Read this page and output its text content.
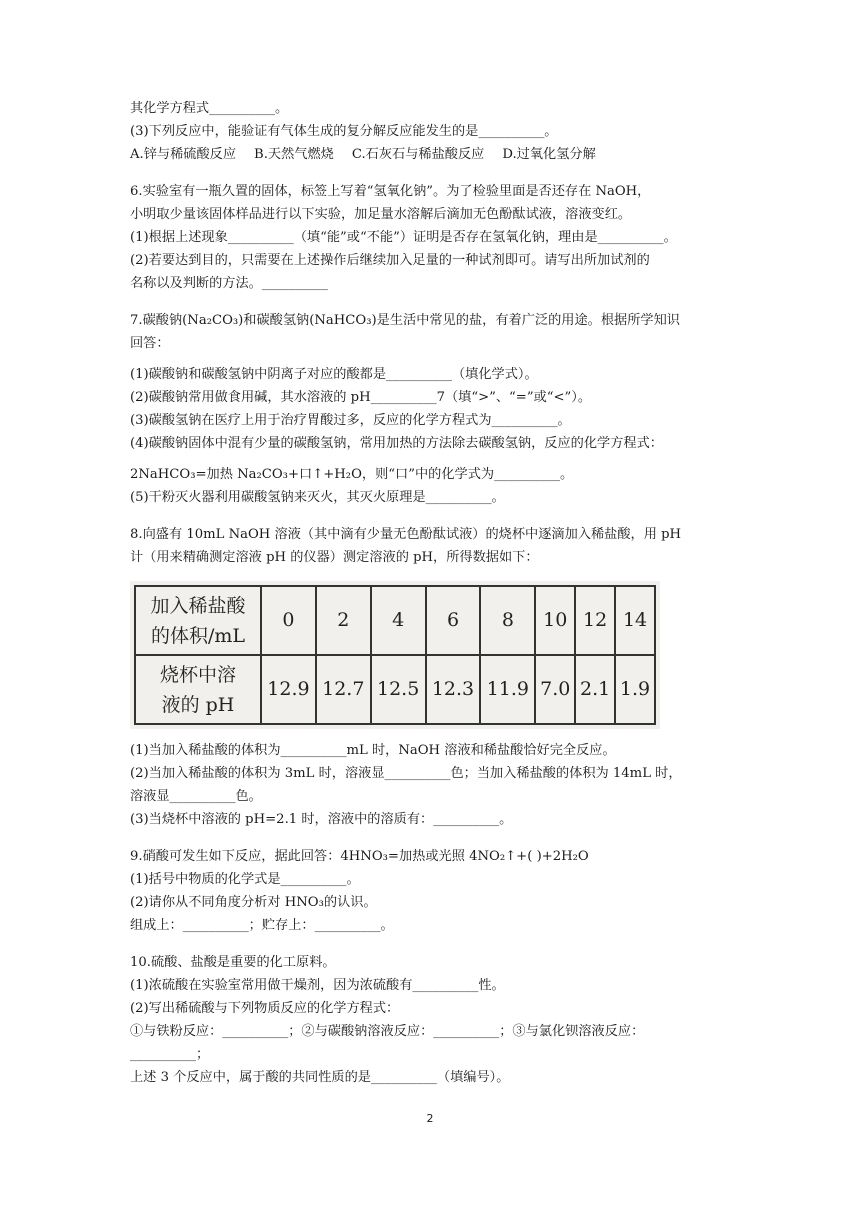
其化学方程式__________。

(3)下列反应中，能验证有气体生成的复分解反应能发生的是__________。

A.锌与稀硫酸反应 B.天然气燃烧 C.石灰石与稀盐酸反应 D.过氧化氢分解

6.实验室有一瓶久置的固体，标签上写着“氢氧化钠”。为了检验里面是否还存在 NaOH，

小明取少量该固体样品进行以下实验，加足量水溶解后滴加无色酚酞试液，溶液变红。

(1)根据上述现象__________（填“能”或“不能”）证明是否存在氢氧化钠，理由是__________。

(2)若要达到目的，只需要在上述操作后继续加入足量的一种试剂即可。请写出所加试剂的

名称以及判断的方法。__________

7.碳酸钠(Na₂CO₃)和碳酸氢钠(NaHCO₃)是生活中常见的盐，有着广泛的用途。根据所学知识

回答：

(1)碳酸钠和碳酸氢钠中阴离子对应的酸都是__________（填化学式）。

(2)碳酸钠常用做食用碱，其水溶液的 pH__________7（填“>”、“=”或“<”）。

(3)碳酸氢钠在医疗上用于治疗胃酸过多，反应的化学方程式为__________。

(4)碳酸钠固体中混有少量的碳酸氢钠，常用加热的方法除去碳酸氢钠，反应的化学方程式：

2NaHCO₃=加热 Na₂CO₃+口↑+H₂O，则“口”中的化学式为__________。

(5)干粉灭火器利用碳酸氢钠来灭火，其灭火原理是__________。

8.向盛有 10mL NaOH 溶液（其中滴有少量无色酚酞试液）的烧杯中逐滴加入稀盐酸，用 pH

计（用来精确测定溶液 pH 的仪器）测定溶液的 pH，所得数据如下：

加入稀盐酸
的体积/mL	0	2	4	6	8	10	12	14

烧杯中溶
液的 pH	12.9	12.7	12.5	12.3	11.9	7.0	2.1	1.9

(1)当加入稀盐酸的体积为__________mL 时，NaOH 溶液和稀盐酸恰好完全反应。

(2)当加入稀盐酸的体积为 3mL 时，溶液显__________色；当加入稀盐酸的体积为 14mL 时，

溶液显__________色。

(3)当烧杯中溶液的 pH=2.1 时，溶液中的溶质有：__________。

9.硝酸可发生如下反应，据此回答：4HNO₃=加热或光照 4NO₂↑+( )+2H₂O

(1)括号中物质的化学式是__________。

(2)请你从不同角度分析对 HNO₃的认识。

组成上：__________；贮存上：__________。

10.硫酸、盐酸是重要的化工原料。

(1)浓硫酸在实验室常用做干燥剂，因为浓硫酸有__________性。

(2)写出稀硫酸与下列物质反应的化学方程式：

①与铁粉反应：__________；②与碳酸钠溶液反应：__________；③与氯化钡溶液反应：

__________；

上述 3 个反应中，属于酸的共同性质的是__________（填编号）。

2
